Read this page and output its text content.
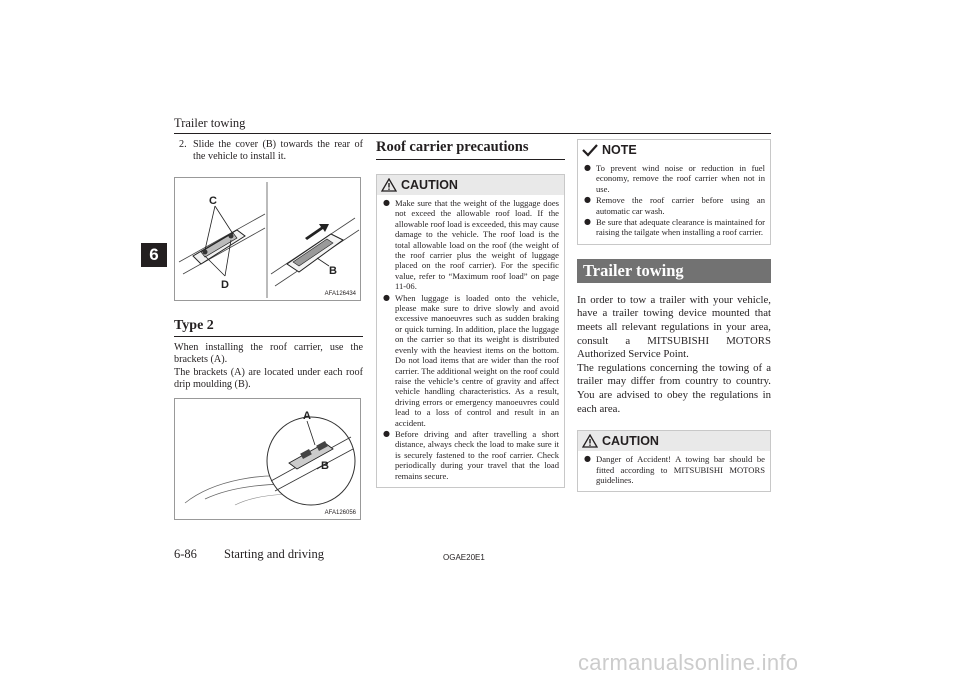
Trailer towing
6
2. Slide the cover (B) towards the rear of the vehicle to install it.
C
D
B
AFA126434
Type 2
When installing the roof carrier, use the brackets (A).
The brackets (A) are located under each roof drip moulding (B).
A
B
AFA126056
Roof carrier precautions
CAUTION
● Make sure that the weight of the luggage does not exceed the allowable roof load. If the allowable roof load is exceeded, this may cause damage to the vehicle. The roof load is the total allowable load on the roof (the weight of the roof carrier plus the weight of luggage placed on the roof carrier). For the specific value, refer to “Maximum roof load” on page 11-06.
● When luggage is loaded onto the vehicle, please make sure to drive slowly and avoid excessive manoeuvres such as sudden braking or quick turning. In addition, place the luggage on the carrier so that its weight is distributed evenly with the heaviest items on the bottom. Do not load items that are wider than the roof carrier. The additional weight on the roof could raise the vehicle’s centre of gravity and affect vehicle handling characteristics. As a result, driving errors or emergency manoeuvres could lead to a loss of control and result in an accident.
● Before driving and after travelling a short distance, always check the load to make sure it is securely fastened to the roof carrier. Check periodically during your travel that the load remains secure.
NOTE
● To prevent wind noise or reduction in fuel economy, remove the roof carrier when not in use.
● Remove the roof carrier before using an automatic car wash.
● Be sure that adequate clearance is maintained for raising the tailgate when installing a roof carrier.
Trailer towing
In order to tow a trailer with your vehicle, have a trailer towing device mounted that meets all relevant regulations in your area, consult a MITSUBISHI MOTORS Authorized Service Point.
The regulations concerning the towing of a trailer may differ from country to country. You are advised to obey the regulations in each area.
CAUTION
● Danger of Accident! A towing bar should be fitted according to MITSUBISHI MOTORS guidelines.
6-86 Starting and driving	OGAE20E1
carmanualsonline.info
